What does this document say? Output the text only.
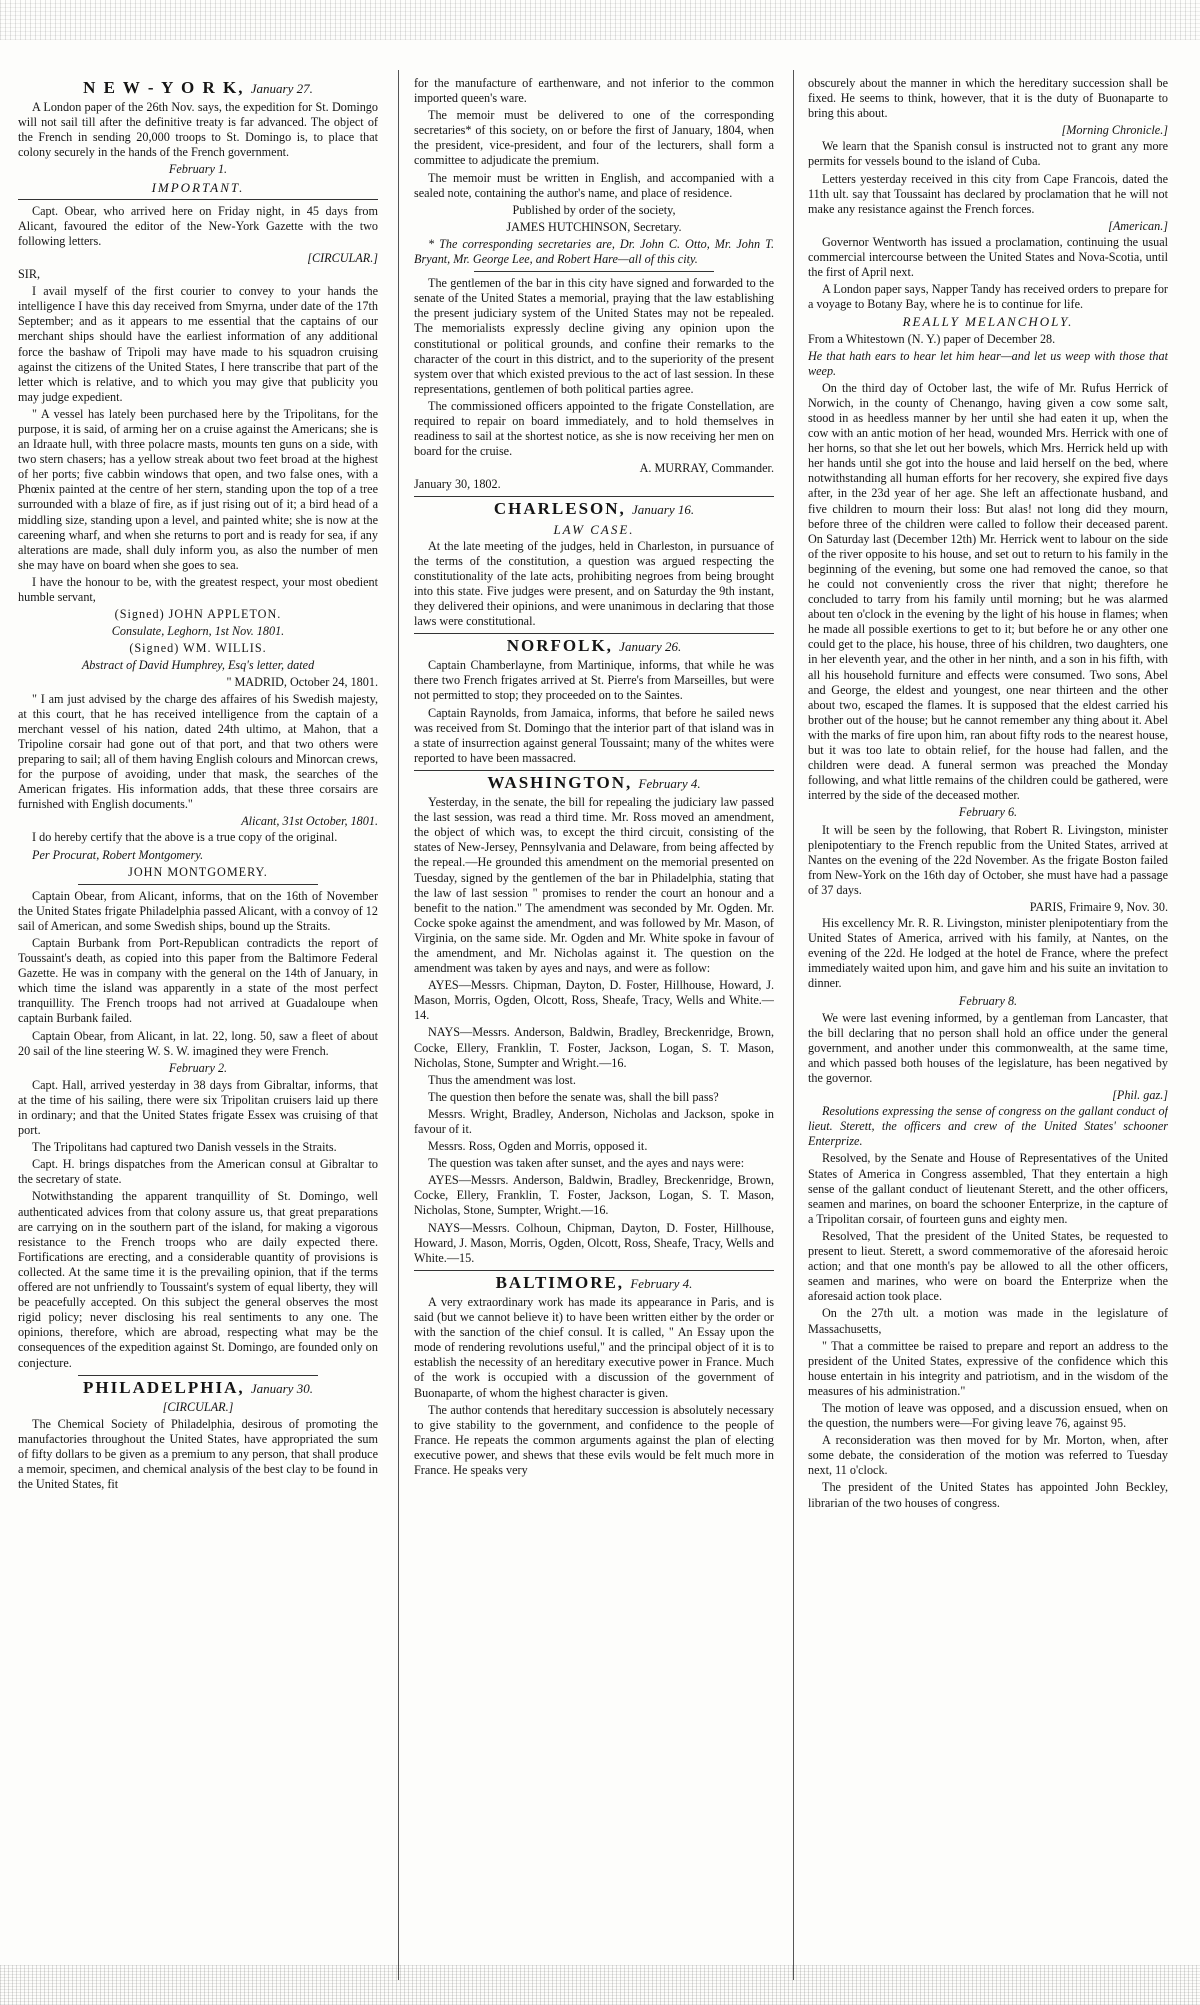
N E W - Y O R K, January 27.

A London paper of the 26th Nov. says, the expedition for St. Domingo will not sail till after the definitive treaty is far advanced. The object of the French in sending 20,000 troops to St. Domingo is, to place that colony securely in the hands of the French government.

February 1.

IMPORTANT.

Capt. Obear, who arrived here on Friday night, in 45 days from Alicant, favoured the editor of the New-York Gazette with the two following letters.

[CIRCULAR.]

SIR,

I avail myself of the first courier to convey to your hands the intelligence I have this day received from Smyrna, under date of the 17th September; and as it appears to me essential that the captains of our merchant ships should have the earliest information of any additional force the bashaw of Tripoli may have made to his squadron cruising against the citizens of the United States, I here transcribe that part of the letter which is relative, and to which you may give that publicity you may judge expedient.

" A vessel has lately been purchased here by the Tripolitans, for the purpose, it is said, of arming her on a cruise against the Americans; she is an Idraate hull, with three polacre masts, mounts ten guns on a side, with two stern chasers; has a yellow streak about two feet broad at the highest of her ports; five cabbin windows that open, and two false ones, with a Phœnix painted at the centre of her stern, standing upon the top of a tree surrounded with a blaze of fire, as if just rising out of it; a bird head of a middling size, standing upon a level, and painted white; she is now at the careening wharf, and when she returns to port and is ready for sea, if any alterations are made, shall duly inform you, as also the number of men she may have on board when she goes to sea.

I have the honour to be, with the greatest respect, your most obedient humble servant,

(Signed) JOHN APPLETON.

Consulate, Leghorn, 1st Nov. 1801.

(Signed) WM. WILLIS.

Abstract of David Humphrey, Esq's letter, dated

" MADRID, October 24, 1801.

" I am just advised by the charge des affaires of his Swedish majesty, at this court, that he has received intelligence from the captain of a merchant vessel of his nation, dated 24th ultimo, at Mahon, that a Tripoline corsair had gone out of that port, and that two others were preparing to sail; all of them having English colours and Minorcan crews, for the purpose of avoiding, under that mask, the searches of the American frigates. His information adds, that these three corsairs are furnished with English documents."

Alicant, 31st October, 1801.

I do hereby certify that the above is a true copy of the original.

Per Procurat, Robert Montgomery.

JOHN MONTGOMERY.

Captain Obear, from Alicant, informs, that on the 16th of November the United States frigate Philadelphia passed Alicant, with a convoy of 12 sail of American, and some Swedish ships, bound up the Straits.

Captain Burbank from Port-Republican contradicts the report of Toussaint's death, as copied into this paper from the Baltimore Federal Gazette. He was in company with the general on the 14th of January, in which time the island was apparently in a state of the most perfect tranquillity. The French troops had not arrived at Guadaloupe when captain Burbank failed.

Captain Obear, from Alicant, in lat. 22, long. 50, saw a fleet of about 20 sail of the line steering W. S. W. imagined they were French.

February 2.

Capt. Hall, arrived yesterday in 38 days from Gibraltar, informs, that at the time of his sailing, there were six Tripolitan cruisers laid up there in ordinary; and that the United States frigate Essex was cruising of that port.

The Tripolitans had captured two Danish vessels in the Straits.

Capt. H. brings dispatches from the American consul at Gibraltar to the secretary of state.

Notwithstanding the apparent tranquillity of St. Domingo, well authenticated advices from that colony assure us, that great preparations are carrying on in the southern part of the island, for making a vigorous resistance to the French troops who are daily expected there. Fortifications are erecting, and a considerable quantity of provisions is collected. At the same time it is the prevailing opinion, that if the terms offered are not unfriendly to Toussaint's system of equal liberty, they will be peacefully accepted. On this subject the general observes the most rigid policy; never disclosing his real sentiments to any one. The opinions, therefore, which are abroad, respecting what may be the consequences of the expedition against St. Domingo, are founded only on conjecture.

PHILADELPHIA, January 30.

[CIRCULAR.]

The Chemical Society of Philadelphia, desirous of promoting the manufactories throughout the United States, have appropriated the sum of fifty dollars to be given as a premium to any person, that shall produce a memoir, specimen, and chemical analysis of the best clay to be found in the United States, fit

for the manufacture of earthenware, and not inferior to the common imported queen's ware.

The memoir must be delivered to one of the corresponding secretaries* of this society, on or before the first of January, 1804, when the president, vice-president, and four of the lecturers, shall form a committee to adjudicate the premium.

The memoir must be written in English, and accompanied with a sealed note, containing the author's name, and place of residence.

Published by order of the society,

JAMES HUTCHINSON, Secretary.

* The corresponding secretaries are, Dr. John C. Otto, Mr. John T. Bryant, Mr. George Lee, and Robert Hare—all of this city.

The gentlemen of the bar in this city have signed and forwarded to the senate of the United States a memorial, praying that the law establishing the present judiciary system of the United States may not be repealed. The memorialists expressly decline giving any opinion upon the constitutional or political grounds, and confine their remarks to the character of the court in this district, and to the superiority of the present system over that which existed previous to the act of last session. In these representations, gentlemen of both political parties agree.

The commissioned officers appointed to the frigate Constellation, are required to repair on board immediately, and to hold themselves in readiness to sail at the shortest notice, as she is now receiving her men on board for the cruise.

A. MURRAY, Commander.

January 30, 1802.

CHARLESON, January 16.

LAW CASE.

At the late meeting of the judges, held in Charleston, in pursuance of the terms of the constitution, a question was argued respecting the constitutionality of the late acts, prohibiting negroes from being brought into this state. Five judges were present, and on Saturday the 9th instant, they delivered their opinions, and were unanimous in declaring that those laws were constitutional.

NORFOLK, January 26.

Captain Chamberlayne, from Martinique, informs, that while he was there two French frigates arrived at St. Pierre's from Marseilles, but were not permitted to stop; they proceeded on to the Saintes.

Captain Raynolds, from Jamaica, informs, that before he sailed news was received from St. Domingo that the interior part of that island was in a state of insurrection against general Toussaint; many of the whites were reported to have been massacred.

WASHINGTON, February 4.

Yesterday, in the senate, the bill for repealing the judiciary law passed the last session, was read a third time. Mr. Ross moved an amendment, the object of which was, to except the third circuit, consisting of the states of New-Jersey, Pennsylvania and Delaware, from being affected by the repeal.—He grounded this amendment on the memorial presented on Tuesday, signed by the gentlemen of the bar in Philadelphia, stating that the law of last session " promises to render the court an honour and a benefit to the nation." The amendment was seconded by Mr. Ogden. Mr. Cocke spoke against the amendment, and was followed by Mr. Mason, of Virginia, on the same side. Mr. Ogden and Mr. White spoke in favour of the amendment, and Mr. Nicholas against it. The question on the amendment was taken by ayes and nays, and were as follow:

AYES—Messrs. Chipman, Dayton, D. Foster, Hillhouse, Howard, J. Mason, Morris, Ogden, Olcott, Ross, Sheafe, Tracy, Wells and White.—14.

NAYS—Messrs. Anderson, Baldwin, Bradley, Breckenridge, Brown, Cocke, Ellery, Franklin, T. Foster, Jackson, Logan, S. T. Mason, Nicholas, Stone, Sumpter and Wright.—16.

Thus the amendment was lost.

The question then before the senate was, shall the bill pass?

Messrs. Wright, Bradley, Anderson, Nicholas and Jackson, spoke in favour of it.

Messrs. Ross, Ogden and Morris, opposed it.

The question was taken after sunset, and the ayes and nays were:

AYES—Messrs. Anderson, Baldwin, Bradley, Breckenridge, Brown, Cocke, Ellery, Franklin, T. Foster, Jackson, Logan, S. T. Mason, Nicholas, Stone, Sumpter, Wright.—16.

NAYS—Messrs. Colhoun, Chipman, Dayton, D. Foster, Hillhouse, Howard, J. Mason, Morris, Ogden, Olcott, Ross, Sheafe, Tracy, Wells and White.—15.

BALTIMORE, February 4.

A very extraordinary work has made its appearance in Paris, and is said (but we cannot believe it) to have been written either by the order or with the sanction of the chief consul. It is called, " An Essay upon the mode of rendering revolutions useful," and the principal object of it is to establish the necessity of an hereditary executive power in France. Much of the work is occupied with a discussion of the government of Buonaparte, of whom the highest character is given.

The author contends that hereditary succession is absolutely necessary to give stability to the government, and confidence to the people of France. He repeats the common arguments against the plan of electing executive power, and shews that these evils would be felt much more in France. He speaks very

obscurely about the manner in which the hereditary succession shall be fixed. He seems to think, however, that it is the duty of Buonaparte to bring this about.

[Morning Chronicle.]

We learn that the Spanish consul is instructed not to grant any more permits for vessels bound to the island of Cuba.

Letters yesterday received in this city from Cape Francois, dated the 11th ult. say that Toussaint has declared by proclamation that he will not make any resistance against the French forces.

[American.]

Governor Wentworth has issued a proclamation, continuing the usual commercial intercourse between the United States and Nova-Scotia, until the first of April next.

A London paper says, Napper Tandy has received orders to prepare for a voyage to Botany Bay, where he is to continue for life.

REALLY MELANCHOLY.

From a Whitestown (N. Y.) paper of December 28.

He that hath ears to hear let him hear—and let us weep with those that weep.

On the third day of October last, the wife of Mr. Rufus Herrick of Norwich, in the county of Chenango, having given a cow some salt, stood in as heedless manner by her until she had eaten it up, when the cow with an antic motion of her head, wounded Mrs. Herrick with one of her horns, so that she let out her bowels, which Mrs. Herrick held up with her hands until she got into the house and laid herself on the bed, where notwithstanding all human efforts for her recovery, she expired five days after, in the 23d year of her age. She left an affectionate husband, and five children to mourn their loss: But alas! not long did they mourn, before three of the children were called to follow their deceased parent. On Saturday last (December 12th) Mr. Herrick went to labour on the side of the river opposite to his house, and set out to return to his family in the beginning of the evening, but some one had removed the canoe, so that he could not conveniently cross the river that night; therefore he concluded to tarry from his family until morning; but he was alarmed about ten o'clock in the evening by the light of his house in flames; when he made all possible exertions to get to it; but before he or any other one could get to the place, his house, three of his children, two daughters, one in her eleventh year, and the other in her ninth, and a son in his fifth, with all his household furniture and effects were consumed. Two sons, Abel and George, the eldest and youngest, one near thirteen and the other about two, escaped the flames. It is supposed that the eldest carried his brother out of the house; but he cannot remember any thing about it. Abel with the marks of fire upon him, ran about fifty rods to the nearest house, but it was too late to obtain relief, for the house had fallen, and the children were dead. A funeral sermon was preached the Monday following, and what little remains of the children could be gathered, were interred by the side of the deceased mother.

February 6.

It will be seen by the following, that Robert R. Livingston, minister plenipotentiary to the French republic from the United States, arrived at Nantes on the evening of the 22d November. As the frigate Boston failed from New-York on the 16th day of October, she must have had a passage of 37 days.

PARIS, Frimaire 9, Nov. 30.

His excellency Mr. R. R. Livingston, minister plenipotentiary from the United States of America, arrived with his family, at Nantes, on the evening of the 22d. He lodged at the hotel de France, where the prefect immediately waited upon him, and gave him and his suite an invitation to dinner.

February 8.

We were last evening informed, by a gentleman from Lancaster, that the bill declaring that no person shall hold an office under the general government, and another under this commonwealth, at the same time, and which passed both houses of the legislature, has been negatived by the governor.

[Phil. gaz.]

Resolutions expressing the sense of congress on the gallant conduct of lieut. Sterett, the officers and crew of the United States' schooner Enterprize.

Resolved, by the Senate and House of Representatives of the United States of America in Congress assembled, That they entertain a high sense of the gallant conduct of lieutenant Sterett, and the other officers, seamen and marines, on board the schooner Enterprize, in the capture of a Tripolitan corsair, of fourteen guns and eighty men.

Resolved, That the president of the United States, be requested to present to lieut. Sterett, a sword commemorative of the aforesaid heroic action; and that one month's pay be allowed to all the other officers, seamen and marines, who were on board the Enterprize when the aforesaid action took place.

On the 27th ult. a motion was made in the legislature of Massachusetts,

" That a committee be raised to prepare and report an address to the president of the United States, expressive of the confidence which this house entertain in his integrity and patriotism, and in the wisdom of the measures of his administration."

The motion of leave was opposed, and a discussion ensued, when on the question, the numbers were—For giving leave 76, against 95.

A reconsideration was then moved for by Mr. Morton, when, after some debate, the consideration of the motion was referred to Tuesday next, 11 o'clock.

The president of the United States has appointed John Beckley, librarian of the two houses of congress.
